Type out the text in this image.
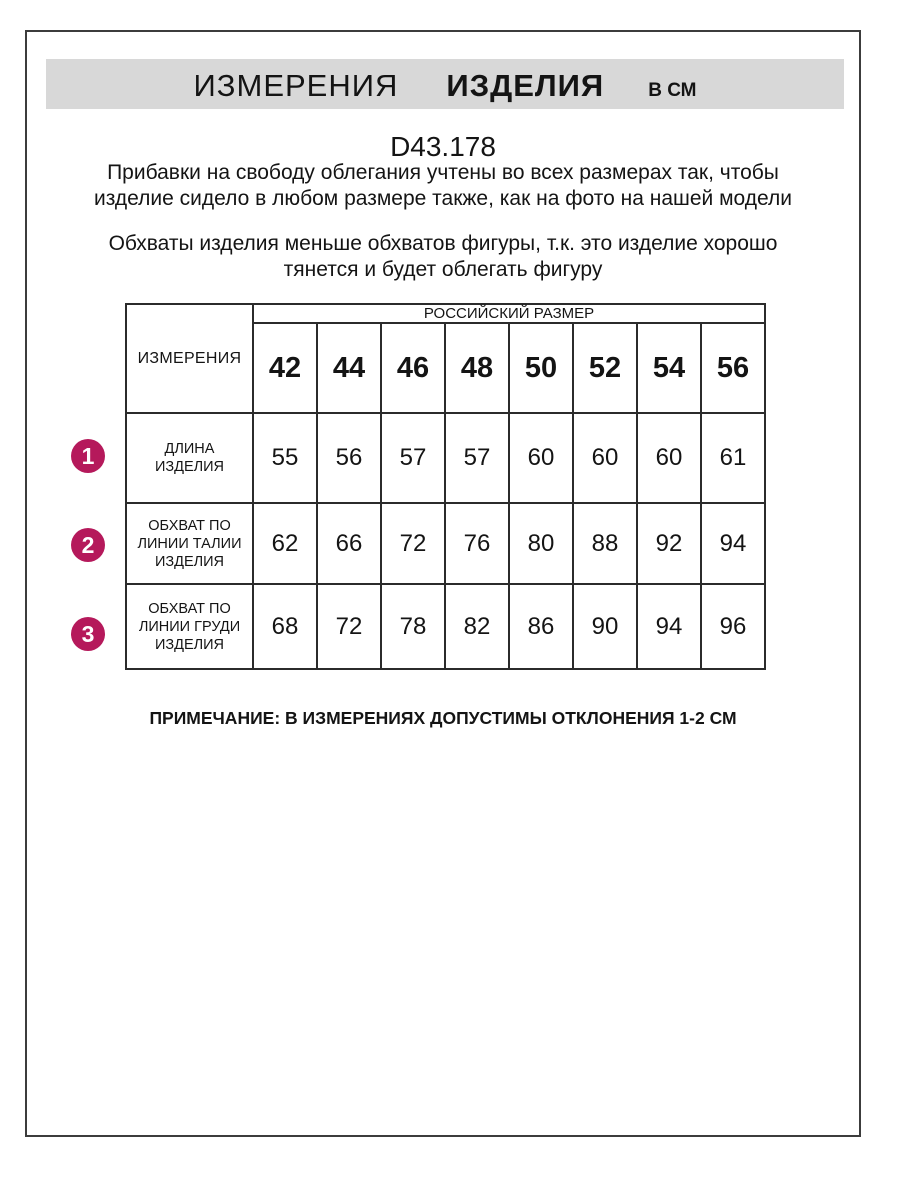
ИЗМЕРЕНИЯ ИЗДЕЛИЯ В СМ
D43.178

Прибавки на свободу облегания учтены во всех размерах так, чтобы изделие сидело в любом размере также, как на фото на нашей модели

Обхваты изделия меньше обхватов фигуры, т.к. это изделие хорошо тянется и будет облегать фигуру

1
2
3
ИЗМЕРЕНИЯ	РОССИЙСКИЙ РАЗМЕР							
	42	44	46	48	50	52	54	56

ДЛИНА
ИЗДЕЛИЯ	55	56	57	57	60	60	60	61

ОБХВАТ ПО
ЛИНИИ ТАЛИИ
ИЗДЕЛИЯ	62	66	72	76	80	88	92	94

ОБХВАТ ПО
ЛИНИИ ГРУДИ
ИЗДЕЛИЯ	68	72	78	82	86	90	94	96
ПРИМЕЧАНИЕ: В ИЗМЕРЕНИЯХ ДОПУСТИМЫ ОТКЛОНЕНИЯ 1-2 СМ
